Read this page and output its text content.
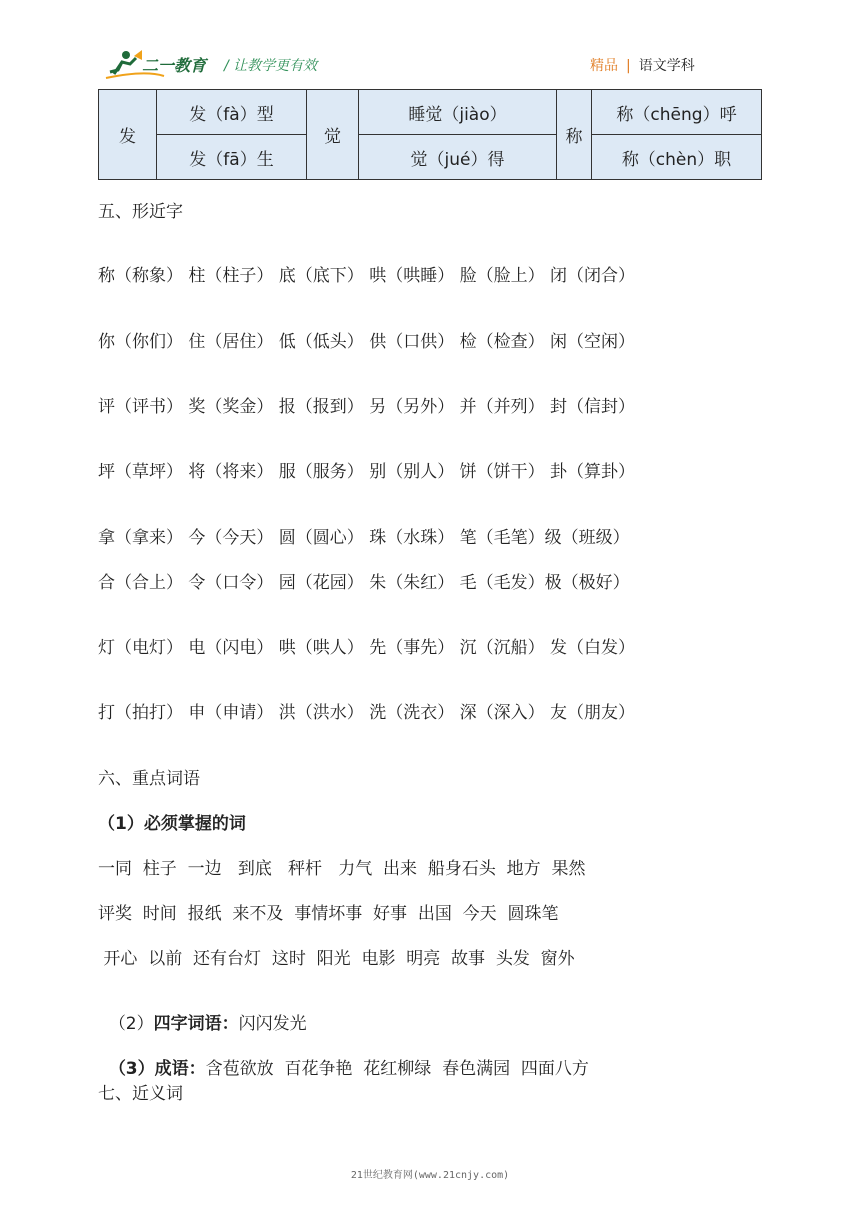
二一教育 / 让教学更有效	精品 | 语文学科
发	发（fà）型	觉	睡觉（jiào）	称	称（chēng）呼
	发（fā）生		觉（jué）得		称（chèn）职
五、形近字
称（称象） 柱（柱子） 底（底下） 哄（哄睡） 脸（脸上） 闭（闭合）
你（你们） 住（居住） 低（低头） 供（口供） 检（检查） 闲（空闲）
评（评书） 奖（奖金） 报（报到） 另（另外） 并（并列） 封（信封）
坪（草坪） 将（将来） 服（服务） 别（别人） 饼（饼干） 卦（算卦）
拿（拿来） 今（今天） 圆（圆心） 珠（水珠） 笔（毛笔）级（班级）
合（合上） 令（口令） 园（花园） 朱（朱红） 毛（毛发）极（极好）
灯（电灯） 电（闪电） 哄（哄人） 先（事先） 沉（沉船） 发（白发）
打（拍打） 申（申请） 洪（洪水） 洗（洗衣） 深（深入） 友（朋友）
六、重点词语
（1）必须掌握的词
一同  柱子  一边   到底   秤杆   力气  出来  船身石头  地方  果然
评奖  时间  报纸  来不及  事情坏事  好事  出国  今天  圆珠笔
开心  以前  还有台灯  这时  阳光  电影  明亮  故事  头发  窗外

（2）四字词语：闪闪发光

（3）成语：含苞欲放  百花争艳  花红柳绿  春色满园  四面八方

七、近义词
21世纪教育网(www.21cnjy.com)
